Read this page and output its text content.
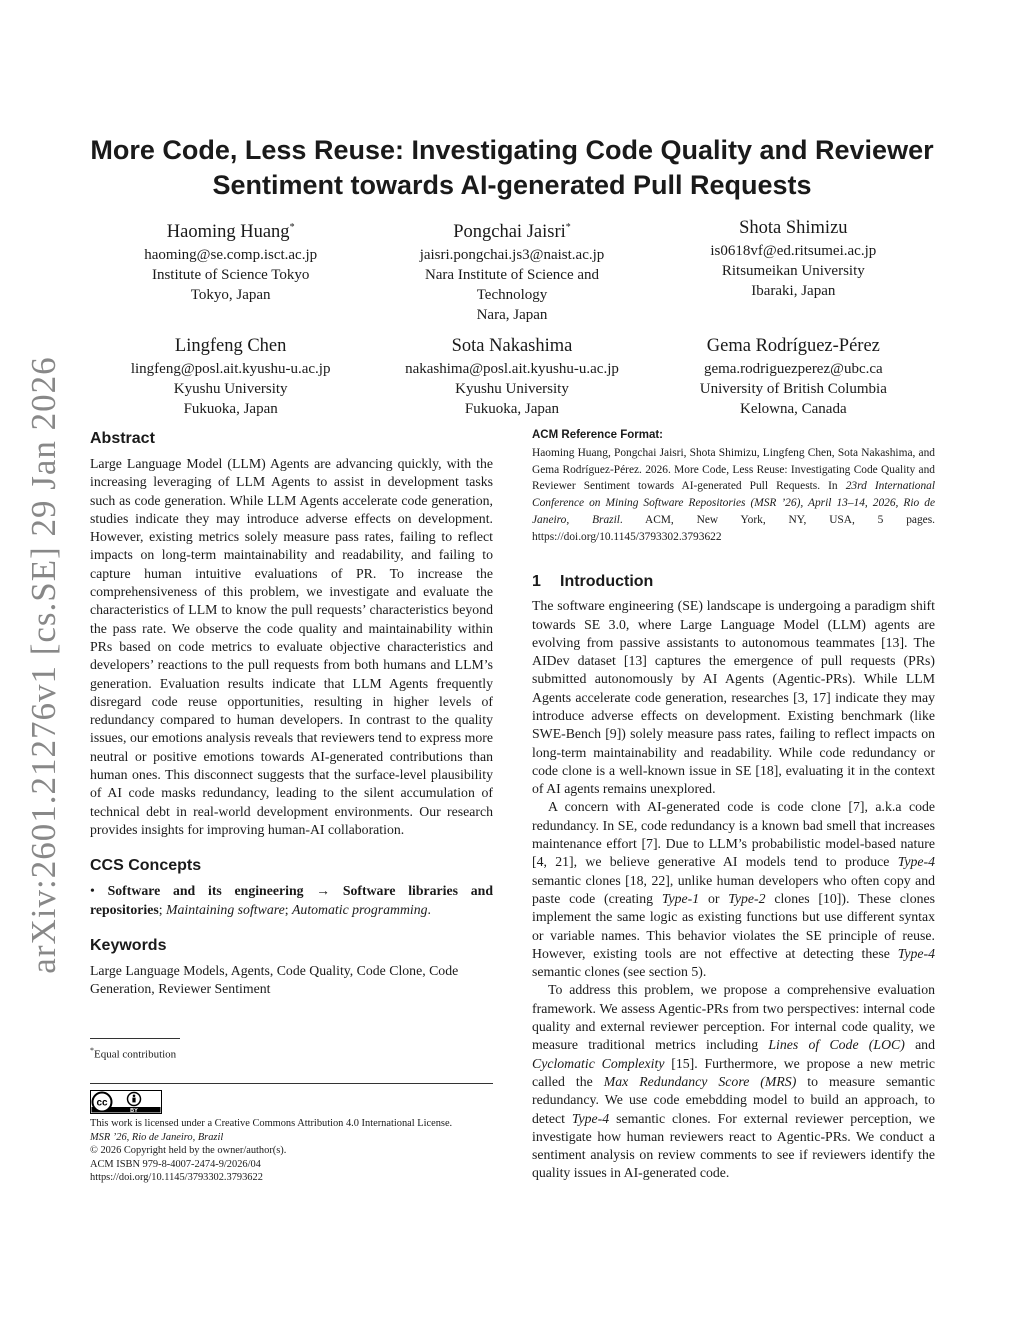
arXiv:2601.21276v1 [cs.SE] 29 Jan 2026
More Code, Less Reuse: Investigating Code Quality and Reviewer
Sentiment towards AI-generated Pull Requests
Haoming Huang*
haoming@se.comp.isct.ac.jp
Institute of Science Tokyo
Tokyo, Japan
Pongchai Jaisri*
jaisri.pongchai.js3@naist.ac.jp
Nara Institute of Science and
Technology
Nara, Japan
Shota Shimizu
is0618vf@ed.ritsumei.ac.jp
Ritsumeikan University
Ibaraki, Japan
Lingfeng Chen
lingfeng@posl.ait.kyushu-u.ac.jp
Kyushu University
Fukuoka, Japan
Sota Nakashima
nakashima@posl.ait.kyushu-u.ac.jp
Kyushu University
Fukuoka, Japan
Gema Rodríguez-Pérez
gema.rodriguezperez@ubc.ca
University of British Columbia
Kelowna, Canada
Abstract

Large Language Model (LLM) Agents are advancing quickly, with the increasing leveraging of LLM Agents to assist in development tasks such as code generation. While LLM Agents accelerate code generation, studies indicate they may introduce adverse effects on development. However, existing metrics solely measure pass rates, failing to reflect impacts on long-term maintainability and readability, and failing to capture human intuitive evaluations of PR. To increase the comprehensiveness of this problem, we investigate and evaluate the characteristics of LLM to know the pull requests’ characteristics beyond the pass rate. We observe the code quality and maintainability within PRs based on code metrics to evaluate objective characteristics and developers’ reactions to the pull requests from both humans and LLM’s generation. Evaluation results indicate that LLM Agents frequently disregard code reuse opportunities, resulting in higher levels of redundancy compared to human developers. In contrast to the quality issues, our emotions analysis reveals that reviewers tend to express more neutral or positive emotions towards AI-generated contributions than human ones. This disconnect suggests that the surface-level plausibility of AI code masks redundancy, leading to the silent accumulation of technical debt in real-world development environments. Our research provides insights for improving human-AI collaboration.

CCS Concepts

• Software and its engineering → Software libraries and repositories; Maintaining software; Automatic programming.

Keywords

Large Language Models, Agents, Code Quality, Code Clone, Code Generation, Reviewer Sentiment

*Equal contribution
cc
BY
This work is licensed under a Creative Commons Attribution 4.0 International License.
MSR ’26, Rio de Janeiro, Brazil
© 2026 Copyright held by the owner/author(s).
ACM ISBN 979-8-4007-2474-9/2026/04
https://doi.org/10.1145/3793302.3793622
ACM Reference Format:

Haoming Huang, Pongchai Jaisri, Shota Shimizu, Lingfeng Chen, Sota Nakashima, and Gema Rodríguez-Pérez. 2026. More Code, Less Reuse: Investigating Code Quality and Reviewer Sentiment towards AI-generated Pull Requests. In 23rd International Conference on Mining Software Repositories (MSR ’26), April 13–14, 2026, Rio de Janeiro, Brazil. ACM, New York, NY, USA, 5 pages. https://doi.org/10.1145/3793302.3793622

1 Introduction

The software engineering (SE) landscape is undergoing a paradigm shift towards SE 3.0, where Large Language Model (LLM) agents are evolving from passive assistants to autonomous teammates [13]. The AIDev dataset [13] captures the emergence of pull requests (PRs) submitted autonomously by AI Agents (Agentic-PRs). While LLM Agents accelerate code generation, researches [3, 17] indicate they may introduce adverse effects on development. Existing benchmark (like SWE-Bench [9]) solely measure pass rates, failing to reflect impacts on long-term maintainability and readability. While code redundancy or code clone is a well-known issue in SE [18], evaluating it in the context of AI agents remains unexplored.

A concern with AI-generated code is code clone [7], a.k.a code redundancy. In SE, code redundancy is a known bad smell that increases maintenance effort [7]. Due to LLM’s probabilistic model-based nature [4, 21], we believe generative AI models tend to produce Type-4 semantic clones [18, 22], unlike human developers who often copy and paste code (creating Type-1 or Type-2 clones [10]). These clones implement the same logic as existing functions but use different syntax or variable names. This behavior violates the SE principle of reuse. However, existing tools are not effective at detecting these Type-4 semantic clones (see section 5).

To address this problem, we propose a comprehensive evaluation framework. We assess Agentic-PRs from two perspectives: internal code quality and external reviewer perception. For internal code quality, we measure traditional metrics including Lines of Code (LOC) and Cyclomatic Complexity [15]. Furthermore, we propose a new metric called the Max Redundancy Score (MRS) to measure semantic redundancy. We use code emebdding model to build an approach, to detect Type-4 semantic clones. For external reviewer perception, we investigate how human reviewers react to Agentic-PRs. We conduct a sentiment analysis on review comments to see if reviewers identify the quality issues in AI-generated code.
